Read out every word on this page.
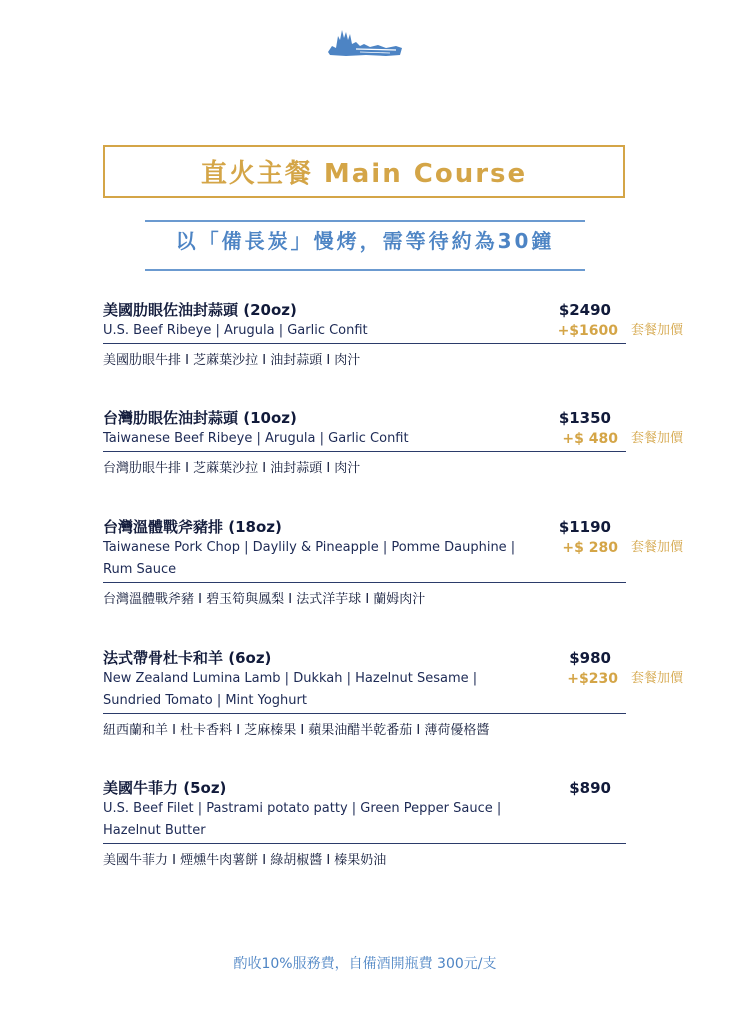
直火主餐 Main Course
以「備長炭」慢烤，需等待約為30鐘
美國肋眼佐油封蒜頭 (20oz)
U.S. Beef Ribeye | Arugula | Garlic Confit
美國肋眼牛排 I 芝蔴葉沙拉 I 油封蒜頭 I 肉汁
$2490
+$1600 套餐加價
台灣肋眼佐油封蒜頭 (10oz)
Taiwanese Beef Ribeye | Arugula | Garlic Confit
台灣肋眼牛排 I 芝蔴葉沙拉 I 油封蒜頭 I 肉汁
$1350
+$ 480 套餐加價
台灣溫體戰斧豬排 (18oz)
Taiwanese Pork Chop | Daylily & Pineapple | Pomme Dauphine | Rum Sauce
台灣溫體戰斧豬 I 碧玉筍與鳳梨 I 法式洋芋球 I 蘭姆肉汁
$1190
+$ 280 套餐加價
法式帶骨杜卡和羊 (6oz)
New Zealand Lumina Lamb | Dukkah | Hazelnut Sesame | Sundried Tomato | Mint Yoghurt
紐西蘭和羊 I 杜卡香料 I 芝麻榛果 I 蘋果油醋半乾番茄 I 薄荷優格醬
$980
+$230 套餐加價
美國牛菲力 (5oz)
U.S. Beef Filet | Pastrami potato patty | Green Pepper Sauce | Hazelnut Butter
美國牛菲力 I 煙燻牛肉薯餅 I 綠胡椒醬 I 榛果奶油
$890
酌收10%服務費，自備酒開瓶費 300元/支
